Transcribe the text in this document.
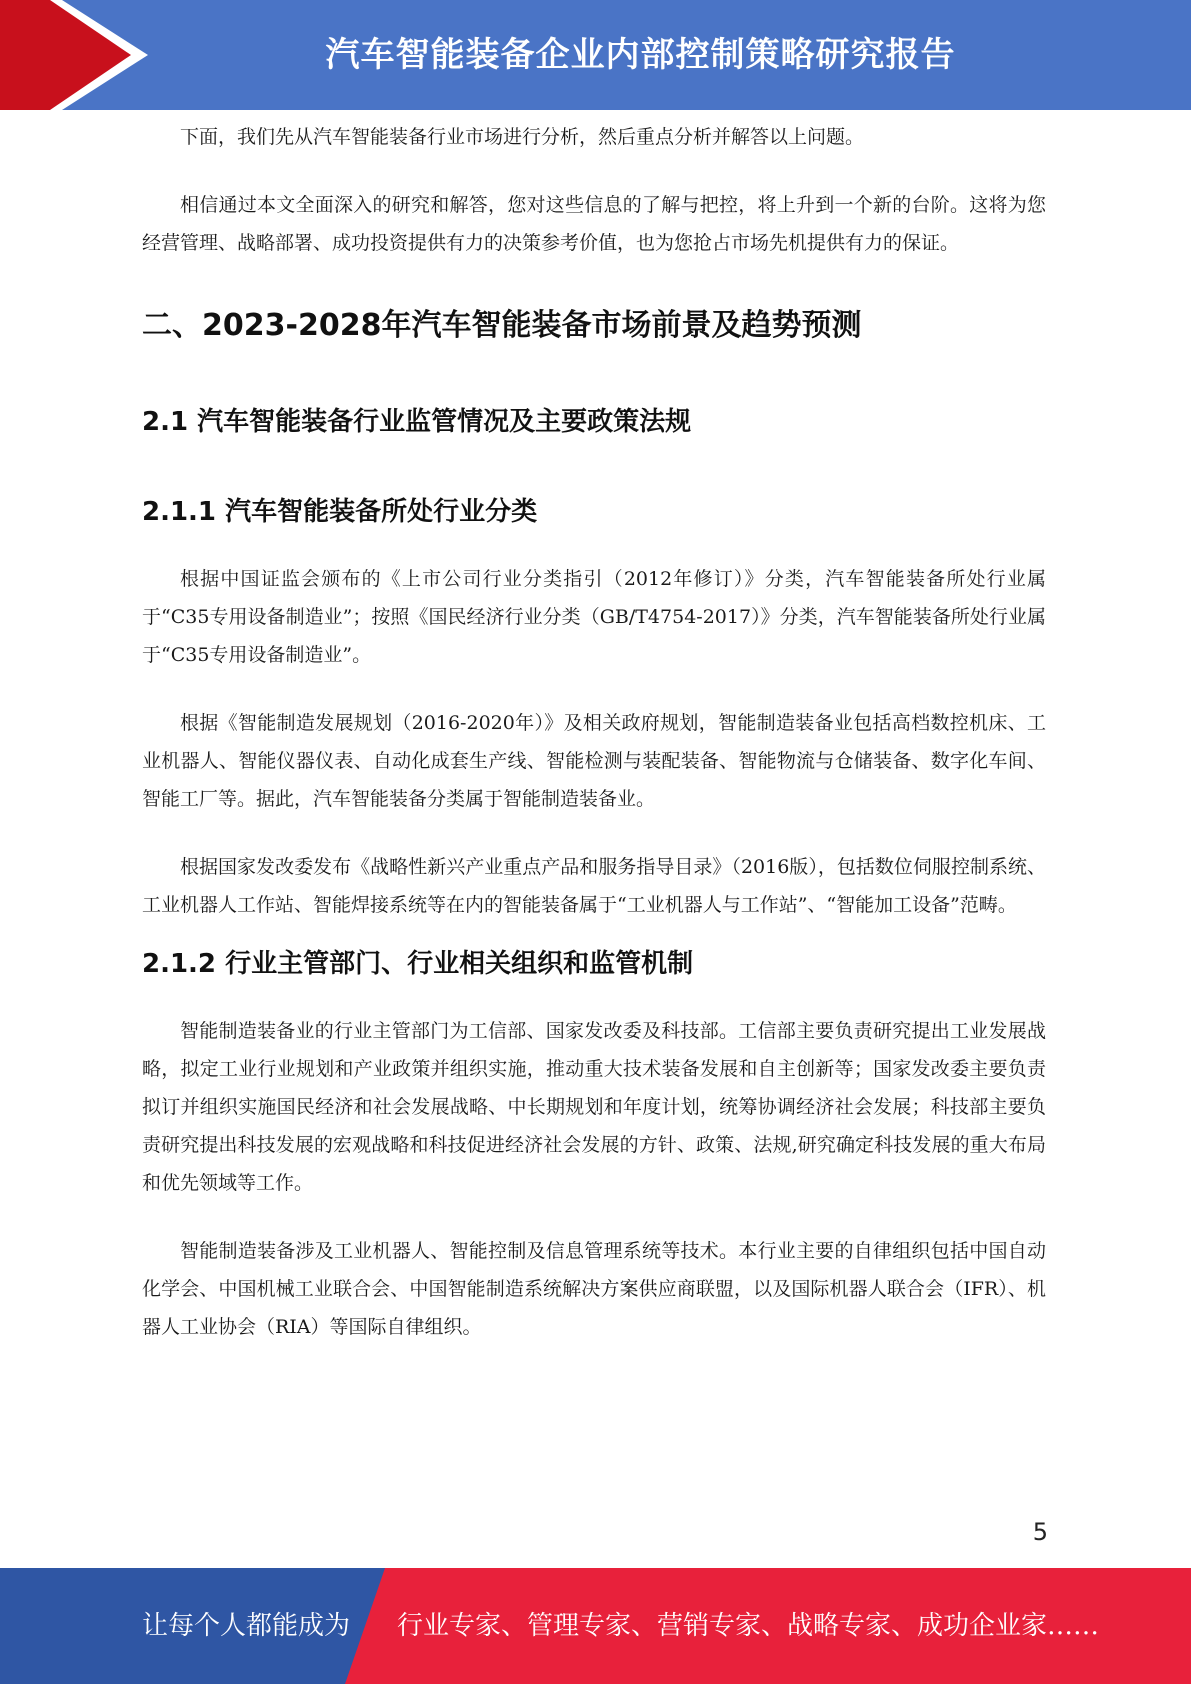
汽车智能装备企业内部控制策略研究报告

下面，我们先从汽车智能装备行业市场进行分析，然后重点分析并解答以上问题。

相信通过本文全面深入的研究和解答，您对这些信息的了解与把控，将上升到一个新的台阶。这将为您经营管理、战略部署、成功投资提供有力的决策参考价值，也为您抢占市场先机提供有力的保证。

二、2023-2028年汽车智能装备市场前景及趋势预测
2.1 汽车智能装备行业监管情况及主要政策法规
2.1.1 汽车智能装备所处行业分类

根据中国证监会颁布的《上市公司行业分类指引（2012年修订）》分类，汽车智能装备所处行业属于“C35专用设备制造业”；按照《国民经济行业分类（GB/T4754-2017）》分类，汽车智能装备所处行业属于“C35专用设备制造业”。

根据《智能制造发展规划（2016-2020年）》及相关政府规划，智能制造装备业包括高档数控机床、工业机器人、智能仪器仪表、自动化成套生产线、智能检测与装配装备、智能物流与仓储装备、数字化车间、智能工厂等。据此，汽车智能装备分类属于智能制造装备业。

根据国家发改委发布《战略性新兴产业重点产品和服务指导目录》（2016版），包括数位伺服控制系统、工业机器人工作站、智能焊接系统等在内的智能装备属于“工业机器人与工作站”、“智能加工设备”范畴。

2.1.2 行业主管部门、行业相关组织和监管机制

智能制造装备业的行业主管部门为工信部、国家发改委及科技部。工信部主要负责研究提出工业发展战略，拟定工业行业规划和产业政策并组织实施，推动重大技术装备发展和自主创新等；国家发改委主要负责拟订并组织实施国民经济和社会发展战略、中长期规划和年度计划，统筹协调经济社会发展；科技部主要负责研究提出科技发展的宏观战略和科技促进经济社会发展的方针、政策、法规,研究确定科技发展的重大布局和优先领域等工作。

智能制造装备涉及工业机器人、智能控制及信息管理系统等技术。本行业主要的自律组织包括中国自动化学会、中国机械工业联合会、中国智能制造系统解决方案供应商联盟，以及国际机器人联合会（IFR）、机器人工业协会（RIA）等国际自律组织。

5
让每个人都能成为 行业专家、管理专家、营销专家、战略专家、成功企业家……
